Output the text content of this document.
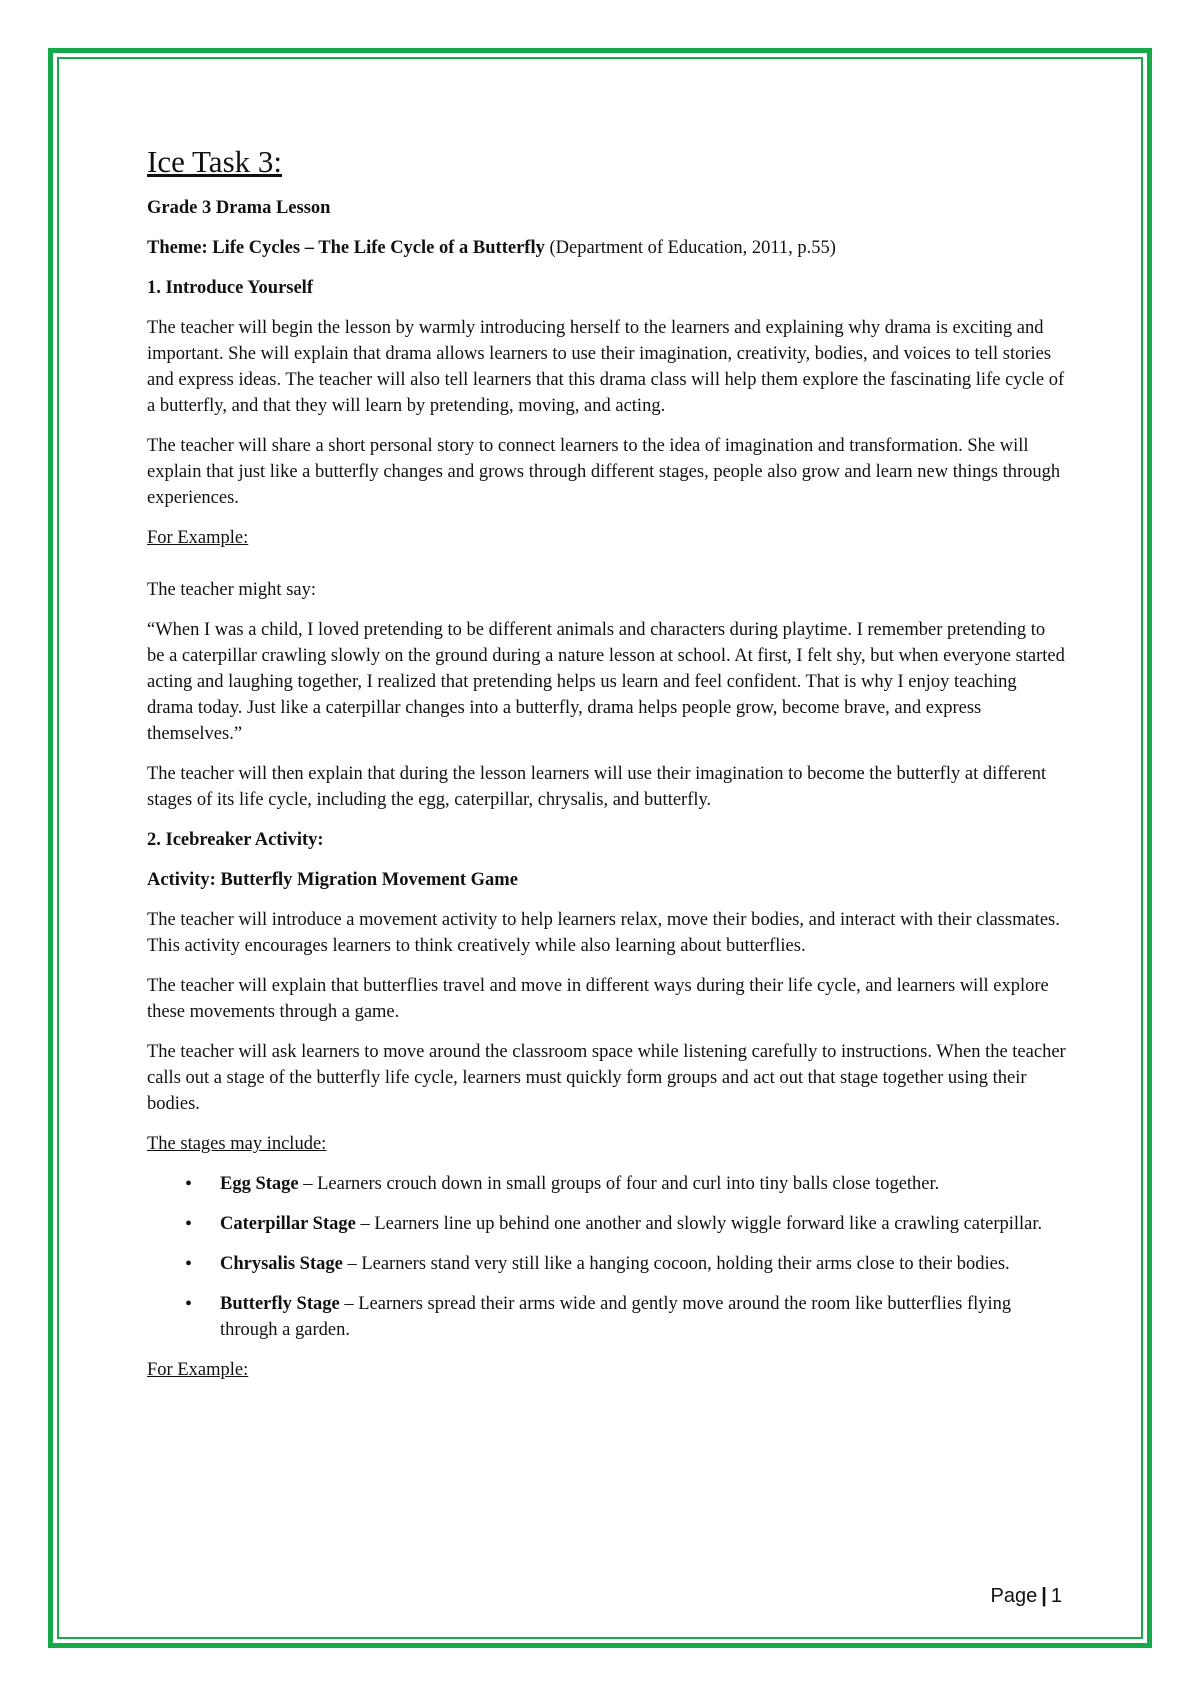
Ice Task 3:

Grade 3 Drama Lesson

Theme: Life Cycles – The Life Cycle of a Butterfly (Department of Education, 2011, p.55)

1. Introduce Yourself

The teacher will begin the lesson by warmly introducing herself to the learners and explaining why drama is exciting and important. She will explain that drama allows learners to use their imagination, creativity, bodies, and voices to tell stories and express ideas. The teacher will also tell learners that this drama class will help them explore the fascinating life cycle of a butterfly, and that they will learn by pretending, moving, and acting.

The teacher will share a short personal story to connect learners to the idea of imagination and transformation. She will explain that just like a butterfly changes and grows through different stages, people also grow and learn new things through experiences.

For Example:

The teacher might say:

“When I was a child, I loved pretending to be different animals and characters during playtime. I remember pretending to be a caterpillar crawling slowly on the ground during a nature lesson at school. At first, I felt shy, but when everyone started acting and laughing together, I realized that pretending helps us learn and feel confident. That is why I enjoy teaching drama today. Just like a caterpillar changes into a butterfly, drama helps people grow, become brave, and express themselves.”

The teacher will then explain that during the lesson learners will use their imagination to become the butterfly at different stages of its life cycle, including the egg, caterpillar, chrysalis, and butterfly.

2. Icebreaker Activity:

Activity: Butterfly Migration Movement Game

The teacher will introduce a movement activity to help learners relax, move their bodies, and interact with their classmates. This activity encourages learners to think creatively while also learning about butterflies.

The teacher will explain that butterflies travel and move in different ways during their life cycle, and learners will explore these movements through a game.

The teacher will ask learners to move around the classroom space while listening carefully to instructions. When the teacher calls out a stage of the butterfly life cycle, learners must quickly form groups and act out that stage together using their bodies.

The stages may include:

• Egg Stage – Learners crouch down in small groups of four and curl into tiny balls close together.
• Caterpillar Stage – Learners line up behind one another and slowly wiggle forward like a crawling caterpillar.
• Chrysalis Stage – Learners stand very still like a hanging cocoon, holding their arms close to their bodies.
• Butterfly Stage – Learners spread their arms wide and gently move around the room like butterflies flying through a garden.

For Example:

Page | 1
